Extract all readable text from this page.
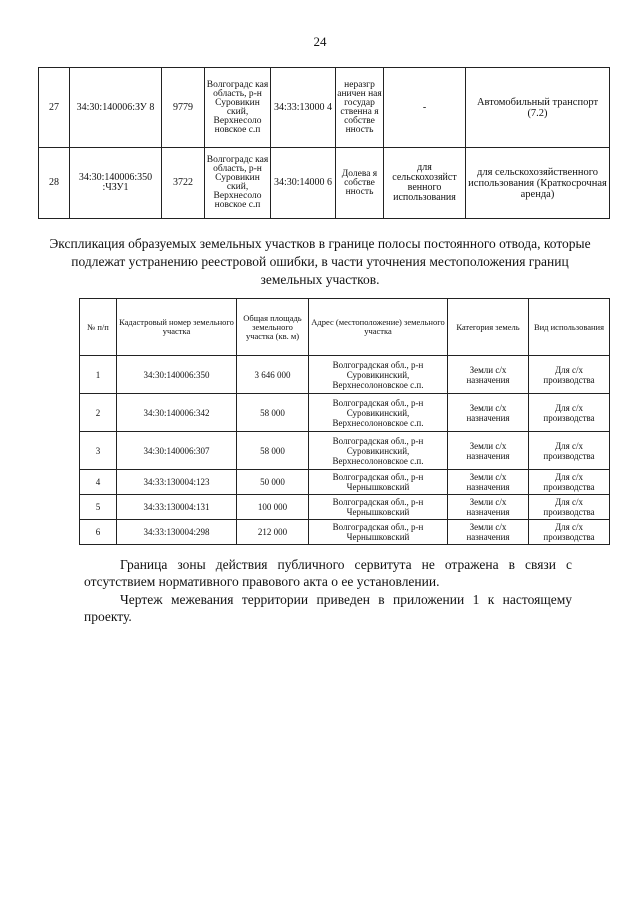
24
27	34:30:140006:ЗУ 8	9779	Волгоградс кая область, р-н Суровикин ский, Верхнесоло новское с.п	34:33:13000 4	неразгр аничен ная государ ственна я собстве нность	-	Автомобильный транспорт (7.2)
28	34:30:140006:350 :ЧЗУ1	3722	Волгоградс кая область, р-н Суровикин ский, Верхнесоло новское с.п	34:30:14000 6	Долева я собстве нность	для сельскохозяйст венного использования	для сельскохозяйственного использования (Краткосрочная аренда)
Экспликация образуемых земельных участков в границе полосы постоянного отвода, которые подлежат устранению реестровой ошибки, в части уточнения местоположения границ земельных участков.
№ п/п	Кадастровый номер земельного участка	Общая площадь земельного участка (кв. м)	Адрес (местоположение) земельного участка	Категория земель	Вид использования
1	34:30:140006:350	3 646 000	Волгоградская обл., р-н Суровикинский, Верхнесолоновское с.п.	Земли с/х назначения	Для с/х производства
2	34:30:140006:342	58 000	Волгоградская обл., р-н Суровикинский, Верхнесолоновское с.п.	Земли с/х назначения	Для с/х производства
3	34:30:140006:307	58 000	Волгоградская обл., р-н Суровикинский, Верхнесолоновское с.п.	Земли с/х назначения	Для с/х производства
4	34:33:130004:123	50 000	Волгоградская обл., р-н Чернышковский	Земли с/х назначения	Для с/х производства
5	34:33:130004:131	100 000	Волгоградская обл., р-н Чернышковский	Земли с/х назначения	Для с/х производства
6	34:33:130004:298	212 000	Волгоградская обл., р-н Чернышковский	Земли с/х назначения	Для с/х производства

Граница зоны действия публичного сервитута не отражена в связи с отсутствием нормативного правового акта о ее установлении.

Чертеж межевания территории приведен в приложении 1 к настоящему проекту.
